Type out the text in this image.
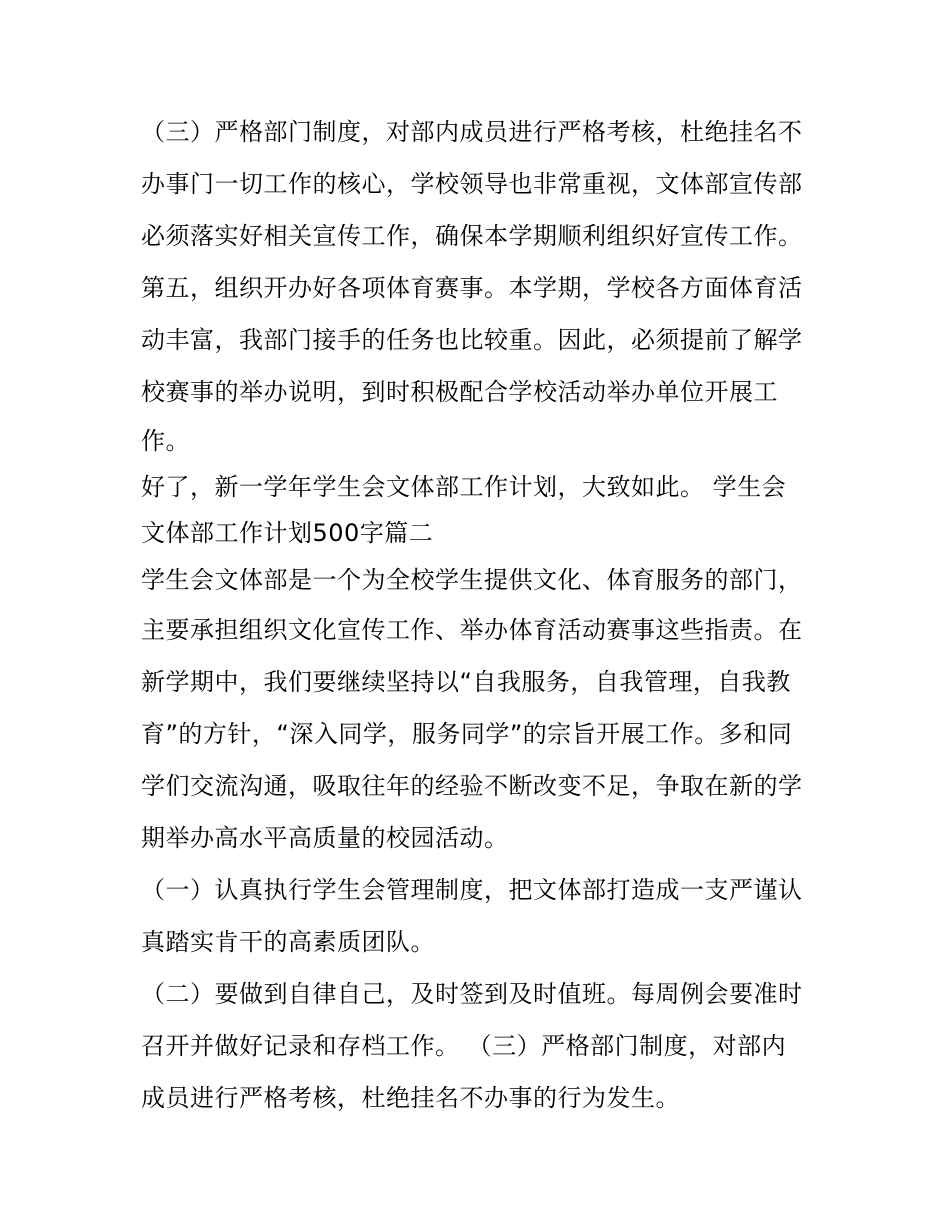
（三）严格部门制度，对部内成员进行严格考核，杜绝挂名不
办事门一切工作的核心，学校领导也非常重视，文体部宣传部
必须落实好相关宣传工作，确保本学期顺利组织好宣传工作。
第五，组织开办好各项体育赛事。本学期，学校各方面体育活
动丰富，我部门接手的任务也比较重。因此，必须提前了解学
校赛事的举办说明，到时积极配合学校活动举办单位开展工
作。
好了，新一学年学生会文体部工作计划，大致如此。 学生会
文体部工作计划500字篇二
学生会文体部是一个为全校学生提供文化、体育服务的部门，
主要承担组织文化宣传工作、举办体育活动赛事这些指责。在
新学期中，我们要继续坚持以“自我服务，自我管理，自我教
育”的方针，“深入同学，服务同学”的宗旨开展工作。多和同
学们交流沟通，吸取往年的经验不断改变不足，争取在新的学
期举办高水平高质量的校园活动。
（一）认真执行学生会管理制度，把文体部打造成一支严谨认
真踏实肯干的高素质团队。
（二）要做到自律自己，及时签到及时值班。每周例会要准时
召开并做好记录和存档工作。 （三）严格部门制度，对部内
成员进行严格考核，杜绝挂名不办事的行为发生。
